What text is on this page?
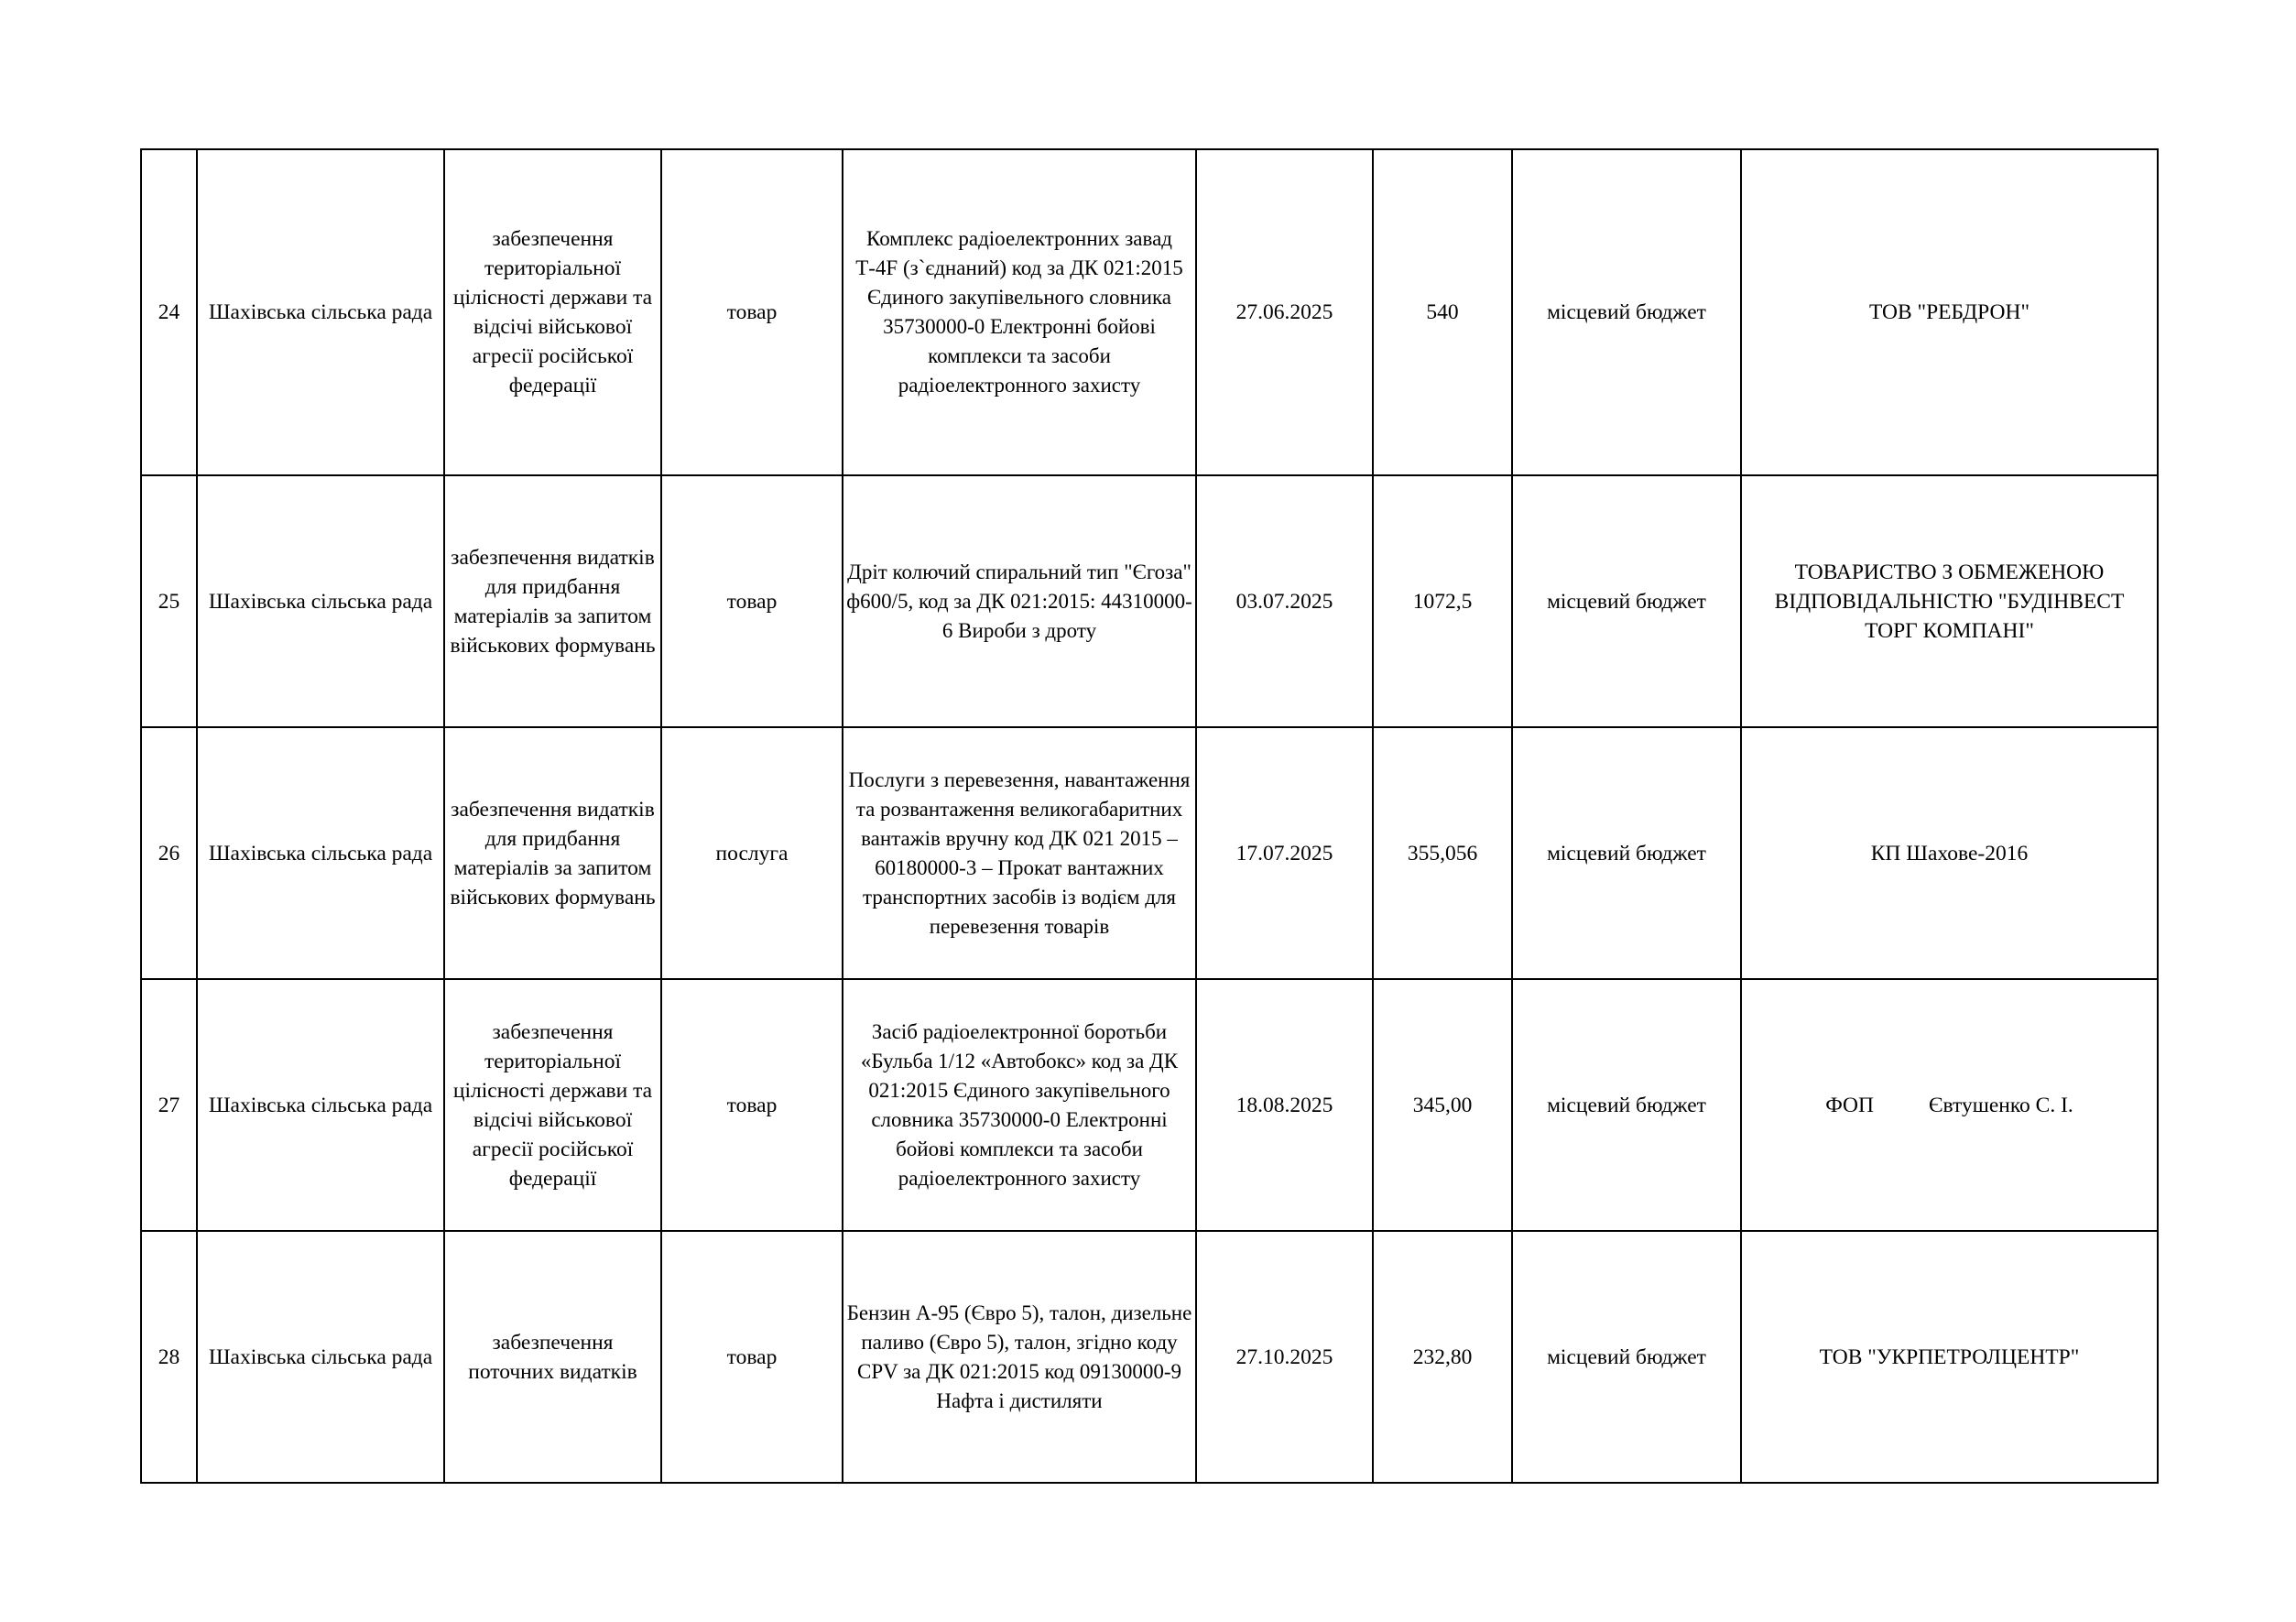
24	Шахівська сільська рада	забезпечення територіальної цілісності держави та відсічі військової агресії російської федерації	товар	Комплекс радіоелектронних завад Т-4F (з`єднаний) код за ДК 021:2015 Єдиного закупівельного словника 35730000-0 Електронні бойові комплекси та засоби радіоелектронного захисту	27.06.2025	540	місцевий бюджет	ТОВ "РЕБДРОН"
25	Шахівська сільська рада	забезпечення видатків для придбання матеріалів за запитом військових формувань	товар	Дріт колючий спиральний тип "Єгоза" ф600/5, код за ДК 021:2015: 44310000-6 Вироби з дроту	03.07.2025	1072,5	місцевий бюджет	ТОВАРИСТВО З ОБМЕЖЕНОЮ ВІДПОВІДАЛЬНІСТЮ "БУДІНВЕСТ ТОРГ КОМПАНІ"
26	Шахівська сільська рада	забезпечення видатків для придбання матеріалів за запитом військових формувань	послуга	Послуги з перевезення, навантаження та розвантаження великогабаритних вантажів вручну код ДК 021 2015 – 60180000-3 – Прокат вантажних транспортних засобів із водієм для перевезення товарів	17.07.2025	355,056	місцевий бюджет	КП Шахове-2016
27	Шахівська сільська рада	забезпечення територіальної цілісності держави та відсічі військової агресії російської федерації	товар	Засіб радіоелектронної боротьби «Бульба 1/12 «Автобокс» код за ДК 021:2015 Єдиного закупівельного словника 35730000-0 Електронні бойові комплекси та засоби радіоелектронного захисту	18.08.2025	345,00	місцевий бюджет	ФОП Євтушенко С. І.
28	Шахівська сільська рада	забезпечення поточних видатків	товар	Бензин А-95 (Євро 5), талон, дизельне паливо (Євро 5), талон, згідно коду CPV за ДК 021:2015 код 09130000-9 Нафта і дистиляти	27.10.2025	232,80	місцевий бюджет	ТОВ "УКРПЕТРОЛЦЕНТР"
